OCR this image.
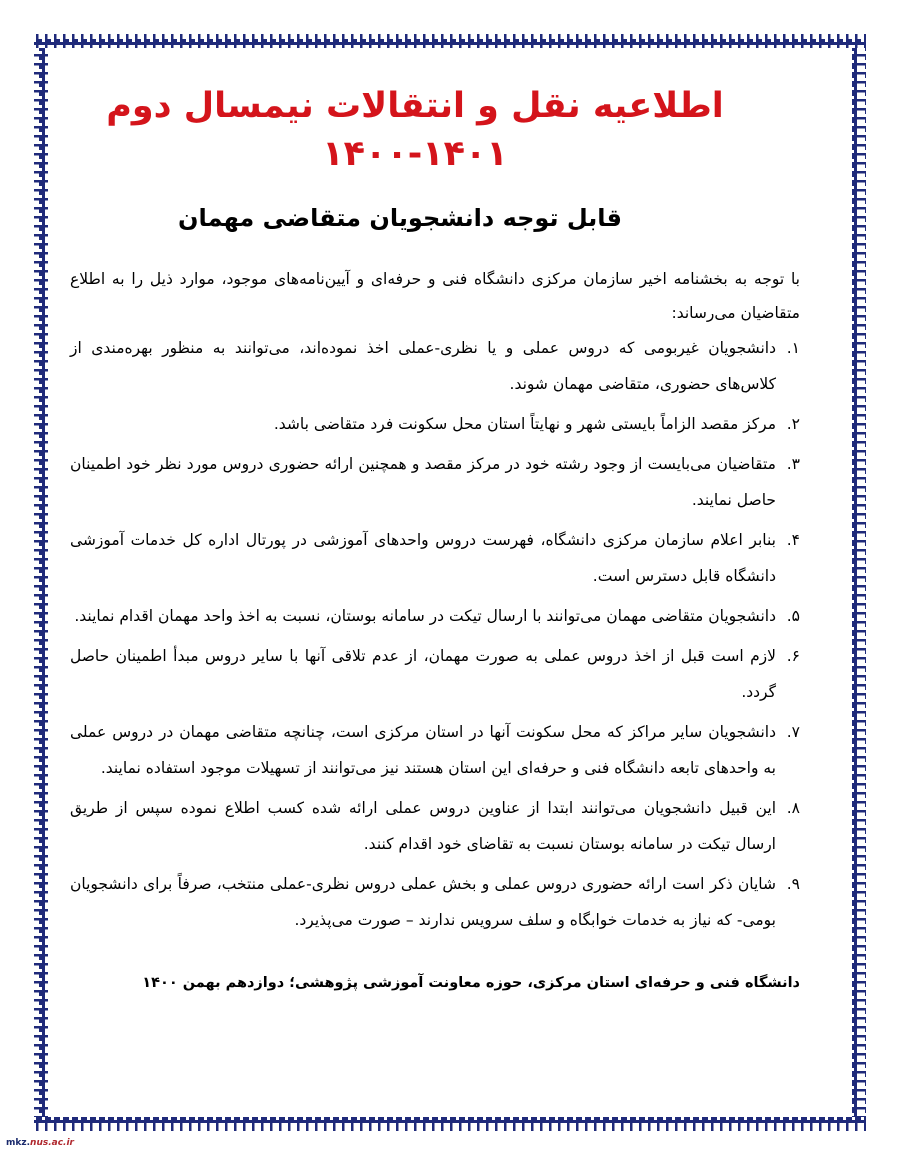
اطلاعیه نقل و انتقالات نیمسال دوم ۱۴۰۱-۱۴۰۰
قابل توجه دانشجویان متقاضی مهمان

با توجه به بخشنامه اخیر سازمان مرکزی دانشگاه فنی و حرفه‌ای و آیین‌نامه‌های موجود، موارد ذیل را به اطلاع متقاضیان می‌رساند:

۱.
دانشجویان غیربومی که دروس عملی و یا نظری-عملی اخذ نموده‌اند، می‌توانند به منظور بهره‌مندی از کلاس‌های حضوری، متقاضی مهمان شوند.
۲.
مرکز مقصد الزاماً بایستی شهر و نهایتاً استان محل سکونت فرد متقاضی باشد.
۳.
متقاضیان می‌بایست از وجود رشته خود در مرکز مقصد و همچنین ارائه حضوری دروس مورد نظر خود اطمینان حاصل نمایند.
۴.
بنابر اعلام سازمان مرکزی دانشگاه، فهرست دروس واحدهای آموزشی در پورتال اداره کل خدمات آموزشی دانشگاه قابل دسترس است.
۵.
دانشجویان متقاضی مهمان می‌توانند با ارسال تیکت در سامانه بوستان، نسبت به اخذ واحد مهمان اقدام نمایند.
۶.
لازم است قبل از اخذ دروس عملی به صورت مهمان، از عدم تلاقی آنها با سایر دروس مبدأ اطمینان حاصل گردد.
۷.
دانشجویان سایر مراکز که محل سکونت آنها در استان مرکزی است، چنانچه متقاضی مهمان در دروس عملی به واحدهای تابعه دانشگاه فنی و حرفه‌ای این استان هستند نیز می‌توانند از تسهیلات موجود استفاده نمایند.
۸.
این قبیل دانشجویان می‌توانند ابتدا از عناوین دروس عملی ارائه شده کسب اطلاع نموده سپس از طریق ارسال تیکت در سامانه بوستان نسبت به تقاضای خود اقدام کنند.
۹.
شایان ذکر است ارائه حضوری دروس عملی و بخش عملی دروس نظری-عملی منتخب، صرفاً برای دانشجویان بومی- که نیاز به خدمات خوابگاه و سلف سرویس ندارند – صورت می‌پذیرد.

دانشگاه فنی و حرفه‌ای استان مرکزی، حوزه معاونت آموزشی پژوهشی؛ دوازدهم بهمن ۱۴۰۰

mkz.nus.ac.ir
